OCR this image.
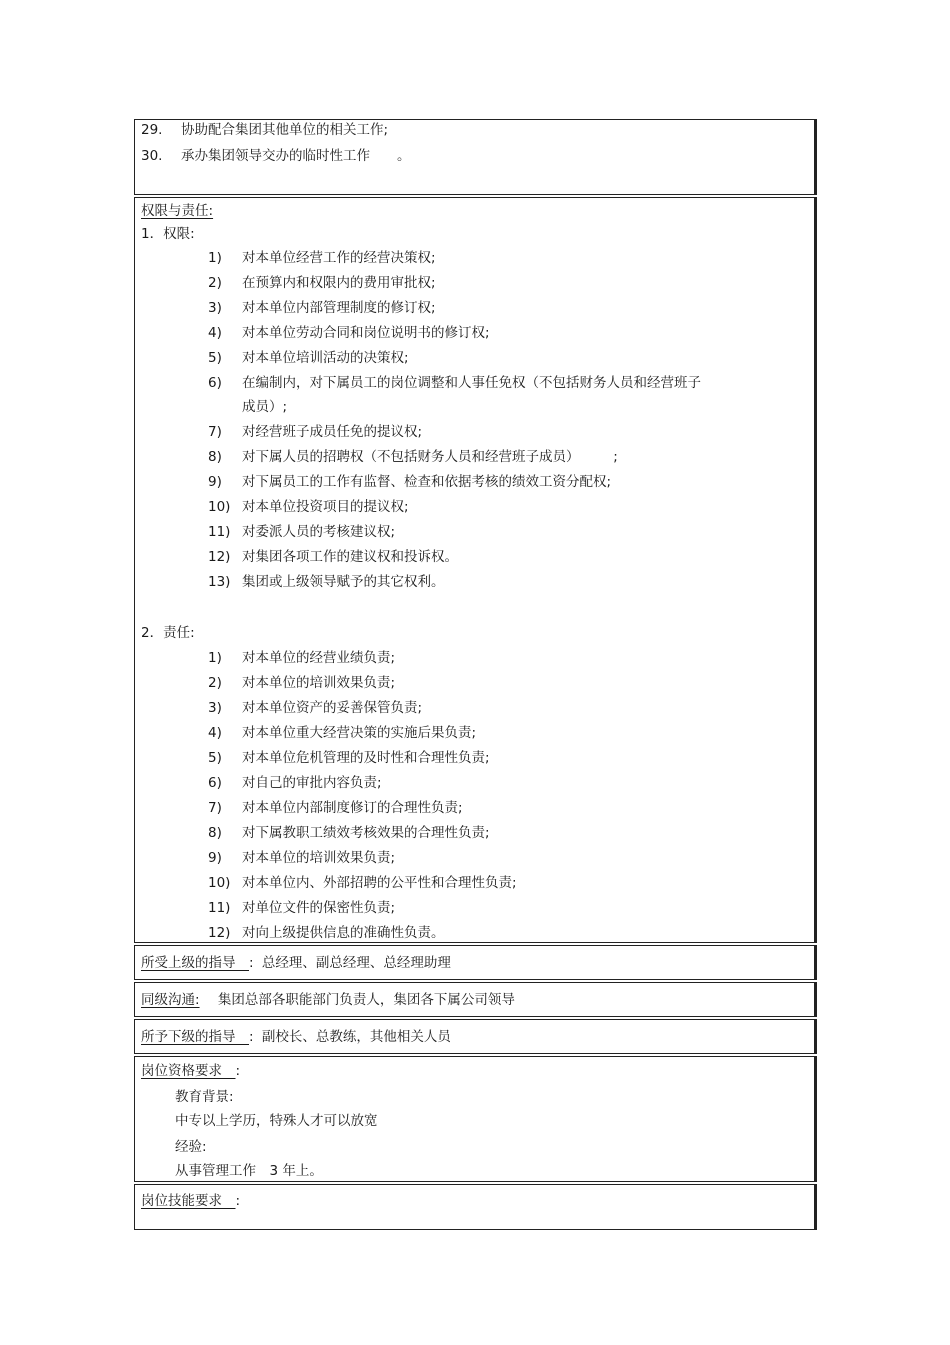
29. 协助配合集团其他单位的相关工作;
30. 承办集团领导交办的临时性工作　　。
权限与责任:
1．权限:
1) 对本单位经营工作的经营决策权;
2) 在预算内和权限内的费用审批权;
3) 对本单位内部管理制度的修订权;
4) 对本单位劳动合同和岗位说明书的修订权;
5) 对本单位培训活动的决策权;
6) 在编制内，对下属员工的岗位调整和人事任免权（不包括财务人员和经营班子
成员）;
7) 对经营班子成员任免的提议权;
8) 对下属人员的招聘权（不包括财务人员和经营班子成员）　　　;
9) 对下属员工的工作有监督、检查和依据考核的绩效工资分配权;
10) 对本单位投资项目的提议权;
11) 对委派人员的考核建议权;
12) 对集团各项工作的建议权和投诉权。
13) 集团或上级领导赋予的其它权利。
2．责任:
1) 对本单位的经营业绩负责;
2) 对本单位的培训效果负责;
3) 对本单位资产的妥善保管负责;
4) 对本单位重大经营决策的实施后果负责;
5) 对本单位危机管理的及时性和合理性负责;
6) 对自己的审批内容负责;
7) 对本单位内部制度修订的合理性负责;
8) 对下属教职工绩效考核效果的合理性负责;
9) 对本单位的培训效果负责;
10) 对本单位内、外部招聘的公平性和合理性负责;
11) 对单位文件的保密性负责;
12) 对向上级提供信息的准确性负责。
所受上级的指导　: 总经理、副总经理、总经理助理
同级沟通: 集团总部各职能部门负责人，集团各下属公司领导
所予下级的指导　: 副校长、总教练，其他相关人员
岗位资格要求　:
教育背景:
中专以上学历，特殊人才可以放宽
经验:
从事管理工作　3 年上。
岗位技能要求　:
